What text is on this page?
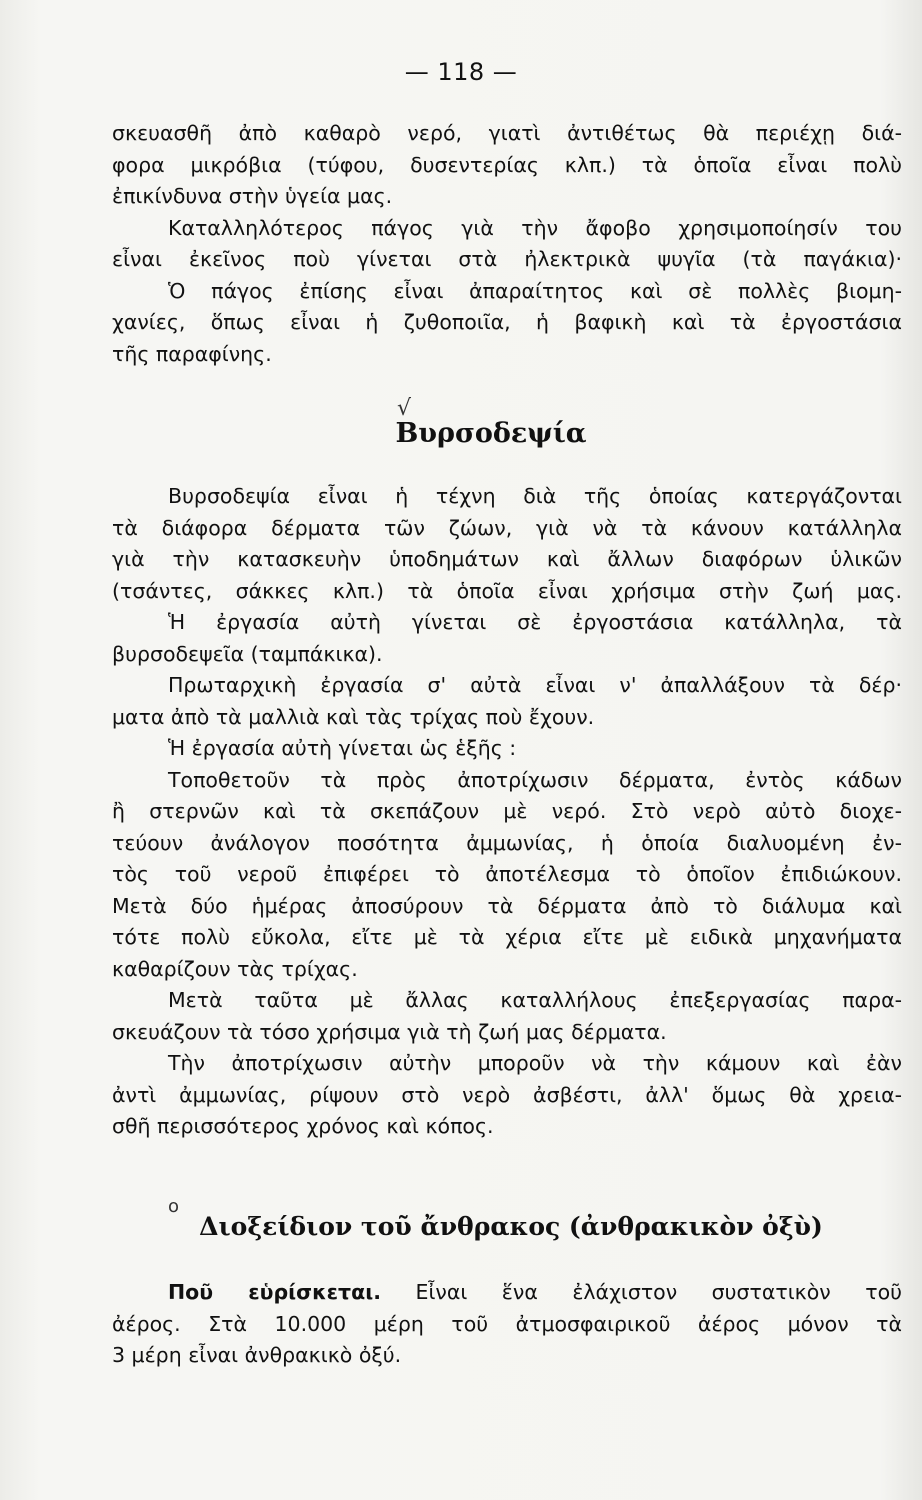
— 118 —
σκευασθῆ ἀπὸ καθαρὸ νερό, γιατὶ ἀντιθέτως θὰ περιέχῃ διά-
φορα μικρόβια (τύφου, δυσεντερίας κλπ.) τὰ ὁποῖα εἶναι πολὺ
ἐπικίνδυνα στὴν ὑγεία μας.
Καταλληλότερος πάγος γιὰ τὴν ἄφοβο χρησιμοποίησίν του
εἶναι ἐκεῖνος ποὺ γίνεται στὰ ἠλεκτρικὰ ψυγῖα (τὰ παγάκια)·
Ὁ πάγος ἐπίσης εἶναι ἀπαραίτητος καὶ σὲ πολλὲς βιομη-
χανίες, ὅπως εἶναι ἡ ζυθοποιῖα, ἡ βαφικὴ καὶ τὰ ἐργοστάσια
τῆς παραφίνης.
√
Βυρσοδεψία
Βυρσοδεψία εἶναι ἡ τέχνη διὰ τῆς ὁποίας κατεργάζονται
τὰ διάφορα δέρματα τῶν ζώων, γιὰ νὰ τὰ κάνουν κατάλληλα
γιὰ τὴν κατασκευὴν ὑποδημάτων καὶ ἄλλων διαφόρων ὑλικῶν
(τσάντες, σάκκες κλπ.) τὰ ὁποῖα εἶναι χρήσιμα στὴν ζωή μας.
Ἡ ἐργασία αὐτὴ γίνεται σὲ ἐργοστάσια κατάλληλα, τὰ
βυρσοδεψεῖα (ταμπάκικα).
Πρωταρχικὴ ἐργασία σ' αὐτὰ εἶναι ν' ἀπαλλάξουν τὰ δέρ·
ματα ἀπὸ τὰ μαλλιὰ καὶ τὰς τρίχας ποὺ ἔχουν.
Ἡ ἐργασία αὐτὴ γίνεται ὡς ἑξῆς :
Τοποθετοῦν τὰ πρὸς ἀποτρίχωσιν δέρματα, ἐντὸς κάδων
ἢ στερνῶν καὶ τὰ σκεπάζουν μὲ νερό. Στὸ νερὸ αὐτὸ διοχε-
τεύουν ἀνάλογον ποσότητα ἀμμωνίας, ἡ ὁποία διαλυομένη ἐν-
τὸς τοῦ νεροῦ ἐπιφέρει τὸ ἀποτέλεσμα τὸ ὁποῖον ἐπιδιώκουν.
Μετὰ δύο ἡμέρας ἀποσύρουν τὰ δέρματα ἀπὸ τὸ διάλυμα καὶ
τότε πολὺ εὔκολα, εἴτε μὲ τὰ χέρια εἴτε μὲ ειδικὰ μηχανήματα
καθαρίζουν τὰς τρίχας.
Μετὰ ταῦτα μὲ ἄλλας καταλλήλους ἐπεξεργασίας παρα-
σκευάζουν τὰ τόσο χρήσιμα γιὰ τὴ ζωή μας δέρματα.
Τὴν ἀποτρίχωσιν αὐτὴν μποροῦν νὰ τὴν κάμουν καὶ ἐὰν
ἀντὶ ἀμμωνίας, ρίψουν στὸ νερὸ ἀσβέστι, ἀλλ' ὅμως θὰ χρεια-
σθῆ περισσότερος χρόνος καὶ κόπος.
o
Διοξείδιον τοῦ ἄνθρακος (ἀνθρακικὸν ὀξὺ)
Ποῦ εὑρίσκεται. Εἶναι ἕνα ἐλάχιστον συστατικὸν τοῦ
ἀέρος. Στὰ 10.000 μέρη τοῦ ἀτμοσφαιρικοῦ ἀέρος μόνον τὰ
3 μέρη εἶναι ἀνθρακικὸ ὀξύ.
